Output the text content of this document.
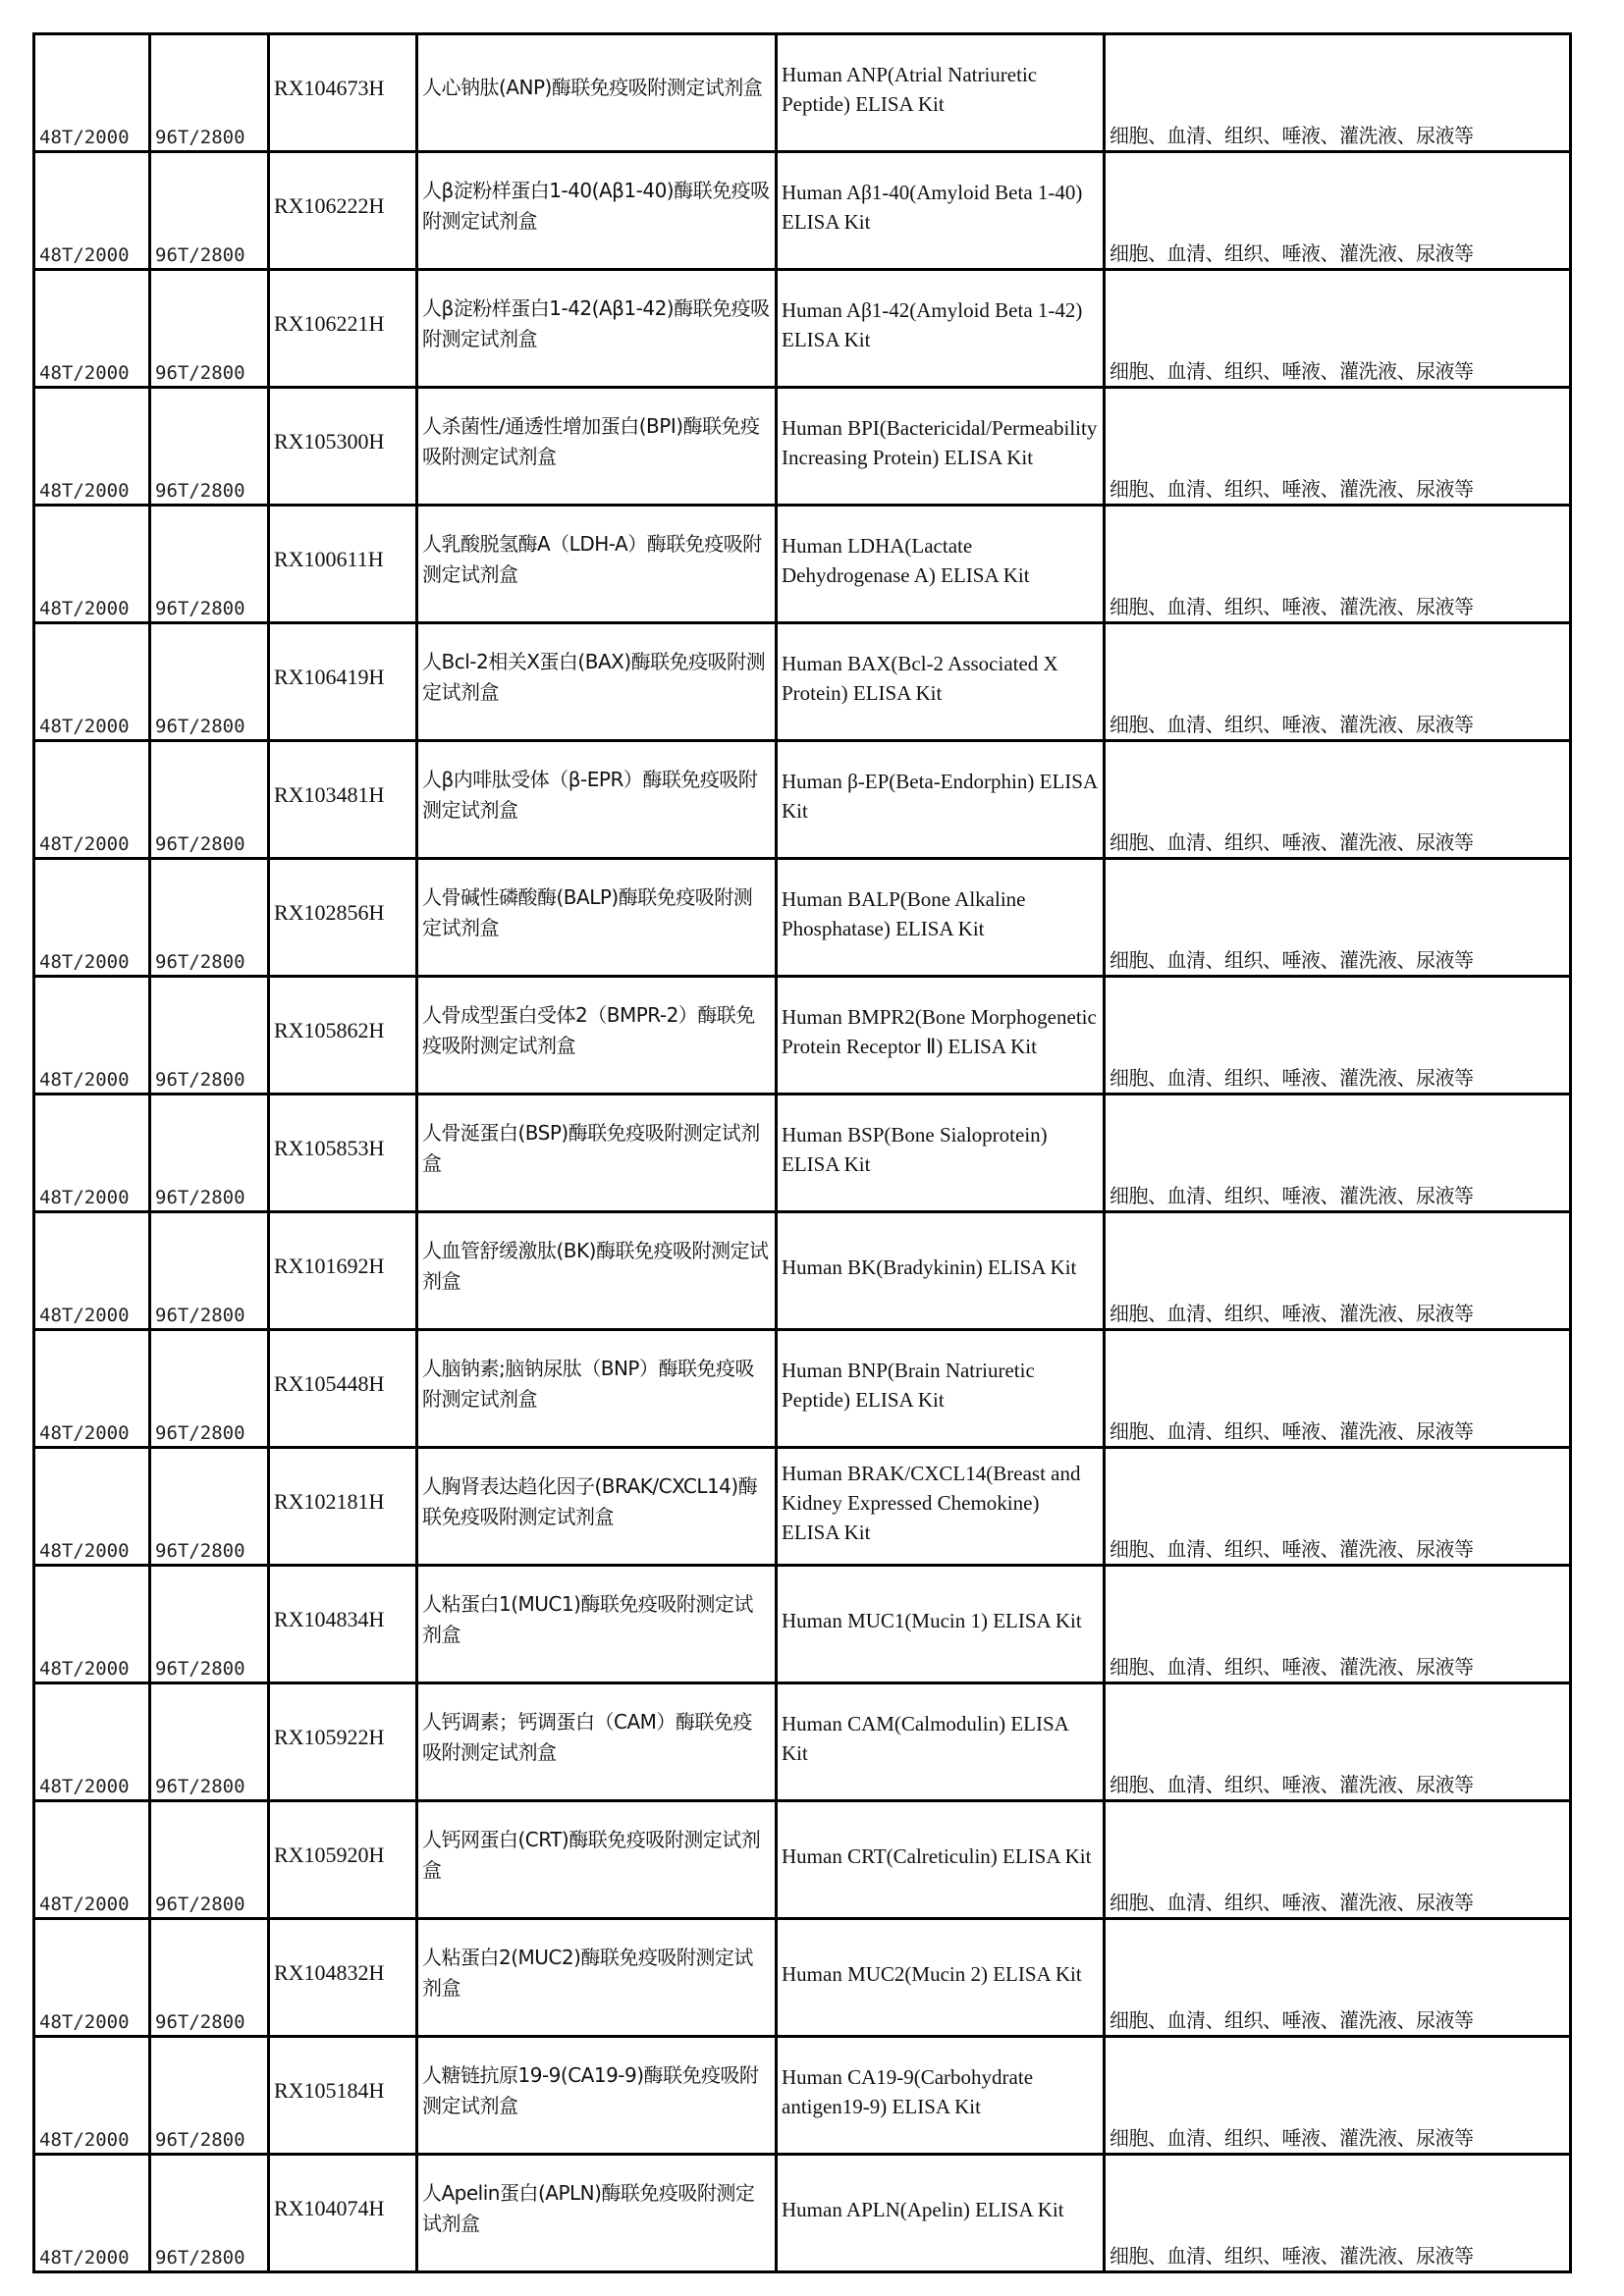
48T/2000	96T/2800	RX104673H	人心钠肽(ANP)酶联免疫吸附测定试剂盒	Human ANP(Atrial Natriuretic Peptide) ELISA Kit	细胞、血清、组织、唾液、灌洗液、尿液等
48T/2000	96T/2800	RX106222H	人β淀粉样蛋白1-40(Aβ1-40)酶联免疫吸附测定试剂盒	Human Aβ1-40(Amyloid Beta 1-40) ELISA Kit	细胞、血清、组织、唾液、灌洗液、尿液等
48T/2000	96T/2800	RX106221H	人β淀粉样蛋白1-42(Aβ1-42)酶联免疫吸附测定试剂盒	Human Aβ1-42(Amyloid Beta 1-42) ELISA Kit	细胞、血清、组织、唾液、灌洗液、尿液等
48T/2000	96T/2800	RX105300H	人杀菌性/通透性增加蛋白(BPI)酶联免疫吸附测定试剂盒	Human BPI(Bactericidal/Permeability Increasing Protein) ELISA Kit	细胞、血清、组织、唾液、灌洗液、尿液等
48T/2000	96T/2800	RX100611H	人乳酸脱氢酶A（LDH-A）酶联免疫吸附测定试剂盒	Human LDHA(Lactate Dehydrogenase A) ELISA Kit	细胞、血清、组织、唾液、灌洗液、尿液等
48T/2000	96T/2800	RX106419H	人Bcl-2相关X蛋白(BAX)酶联免疫吸附测定试剂盒	Human BAX(Bcl-2 Associated X Protein) ELISA Kit	细胞、血清、组织、唾液、灌洗液、尿液等
48T/2000	96T/2800	RX103481H	人β内啡肽受体（β-EPR）酶联免疫吸附测定试剂盒	Human β-EP(Beta-Endorphin) ELISA Kit	细胞、血清、组织、唾液、灌洗液、尿液等
48T/2000	96T/2800	RX102856H	人骨碱性磷酸酶(BALP)酶联免疫吸附测定试剂盒	Human BALP(Bone Alkaline Phosphatase) ELISA Kit	细胞、血清、组织、唾液、灌洗液、尿液等
48T/2000	96T/2800	RX105862H	人骨成型蛋白受体2（BMPR-2）酶联免疫吸附测定试剂盒	Human BMPR2(Bone Morphogenetic Protein Receptor Ⅱ) ELISA Kit	细胞、血清、组织、唾液、灌洗液、尿液等
48T/2000	96T/2800	RX105853H	人骨涎蛋白(BSP)酶联免疫吸附测定试剂盒	Human BSP(Bone Sialoprotein) ELISA Kit	细胞、血清、组织、唾液、灌洗液、尿液等
48T/2000	96T/2800	RX101692H	人血管舒缓激肽(BK)酶联免疫吸附测定试剂盒	Human BK(Bradykinin) ELISA Kit	细胞、血清、组织、唾液、灌洗液、尿液等
48T/2000	96T/2800	RX105448H	人脑钠素;脑钠尿肽（BNP）酶联免疫吸附测定试剂盒	Human BNP(Brain Natriuretic Peptide) ELISA Kit	细胞、血清、组织、唾液、灌洗液、尿液等
48T/2000	96T/2800	RX102181H	人胸肾表达趋化因子(BRAK/CXCL14)酶联免疫吸附测定试剂盒	Human BRAK/CXCL14(Breast and Kidney Expressed Chemokine) ELISA Kit	细胞、血清、组织、唾液、灌洗液、尿液等
48T/2000	96T/2800	RX104834H	人粘蛋白1(MUC1)酶联免疫吸附测定试剂盒	Human MUC1(Mucin 1) ELISA Kit	细胞、血清、组织、唾液、灌洗液、尿液等
48T/2000	96T/2800	RX105922H	人钙调素；钙调蛋白（CAM）酶联免疫吸附测定试剂盒	Human CAM(Calmodulin) ELISA Kit	细胞、血清、组织、唾液、灌洗液、尿液等
48T/2000	96T/2800	RX105920H	人钙网蛋白(CRT)酶联免疫吸附测定试剂盒	Human CRT(Calreticulin) ELISA Kit	细胞、血清、组织、唾液、灌洗液、尿液等
48T/2000	96T/2800	RX104832H	人粘蛋白2(MUC2)酶联免疫吸附测定试剂盒	Human MUC2(Mucin 2) ELISA Kit	细胞、血清、组织、唾液、灌洗液、尿液等
48T/2000	96T/2800	RX105184H	人糖链抗原19-9(CA19-9)酶联免疫吸附测定试剂盒	Human CA19-9(Carbohydrate antigen19-9) ELISA Kit	细胞、血清、组织、唾液、灌洗液、尿液等
48T/2000	96T/2800	RX104074H	人Apelin蛋白(APLN)酶联免疫吸附测定试剂盒	Human APLN(Apelin) ELISA Kit	细胞、血清、组织、唾液、灌洗液、尿液等
